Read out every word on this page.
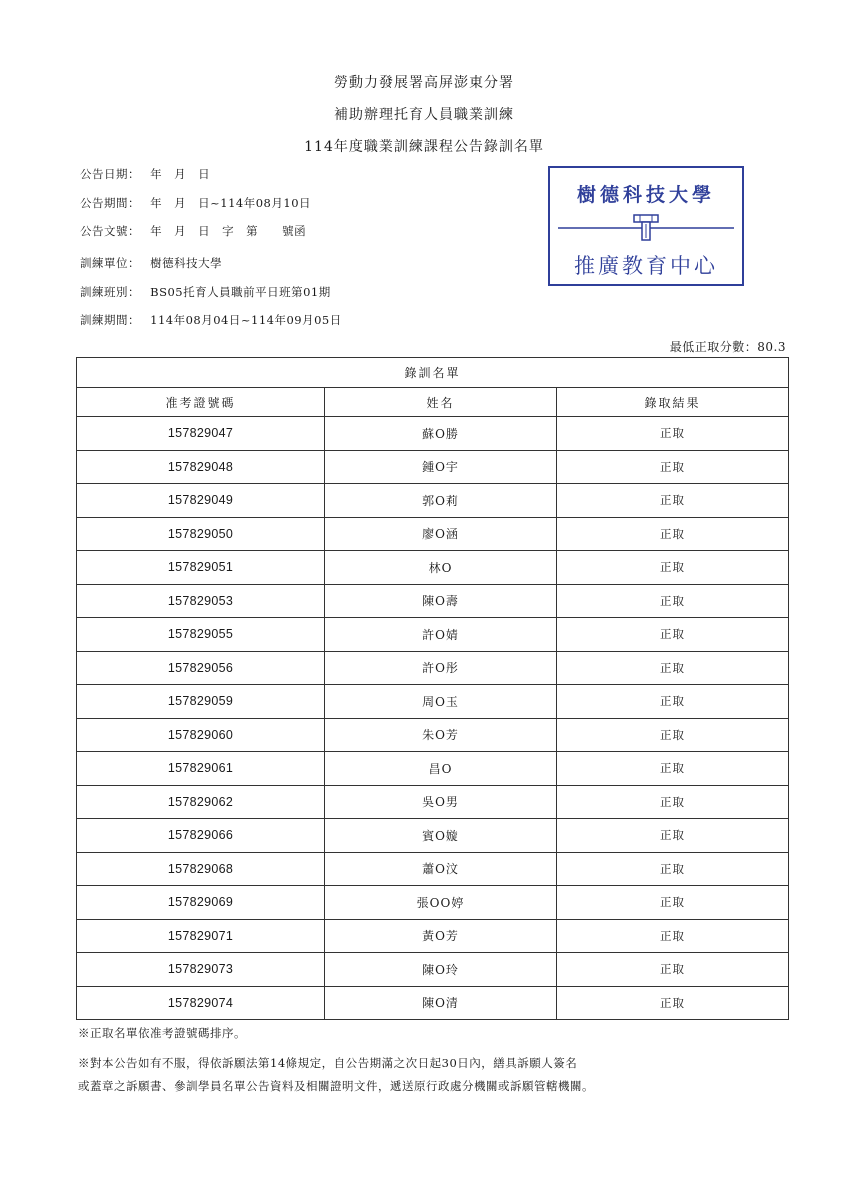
勞動力發展署高屏澎東分署
補助辦理托育人員職業訓練
114年度職業訓練課程公告錄訓名單
公告日期： 年　月　日
公告期間： 年　月　日~114年08月10日
公告文號： 年　月　日　字　第　　號函
訓練單位： 樹德科技大學
訓練班別： BS05托育人員職前平日班第01期
訓練期間： 114年08月04日~114年09月05日
樹德科技大學
推廣教育中心
最低正取分數：80.3
錄訓名單		
准考證號碼	姓名	錄取結果
157829047	蘇O勝	正取
157829048	鍾O宇	正取
157829049	郭O莉	正取
157829050	廖O涵	正取
157829051	林O	正取
157829053	陳O壽	正取
157829055	許O婧	正取
157829056	許O彤	正取
157829059	周O玉	正取
157829060	朱O芳	正取
157829061	昌O	正取
157829062	吳O男	正取
157829066	賓O嫙	正取
157829068	蕭O汶	正取
157829069	張OO婷	正取
157829071	黃O芳	正取
157829073	陳O玲	正取
157829074	陳O清	正取
※正取名單依准考證號碼排序。
※對本公告如有不服，得依訴願法第14條規定，自公告期滿之次日起30日內，繕具訴願人簽名
或蓋章之訴願書、參訓學員名單公告資料及相關證明文件，遞送原行政處分機關或訴願管轄機關。
